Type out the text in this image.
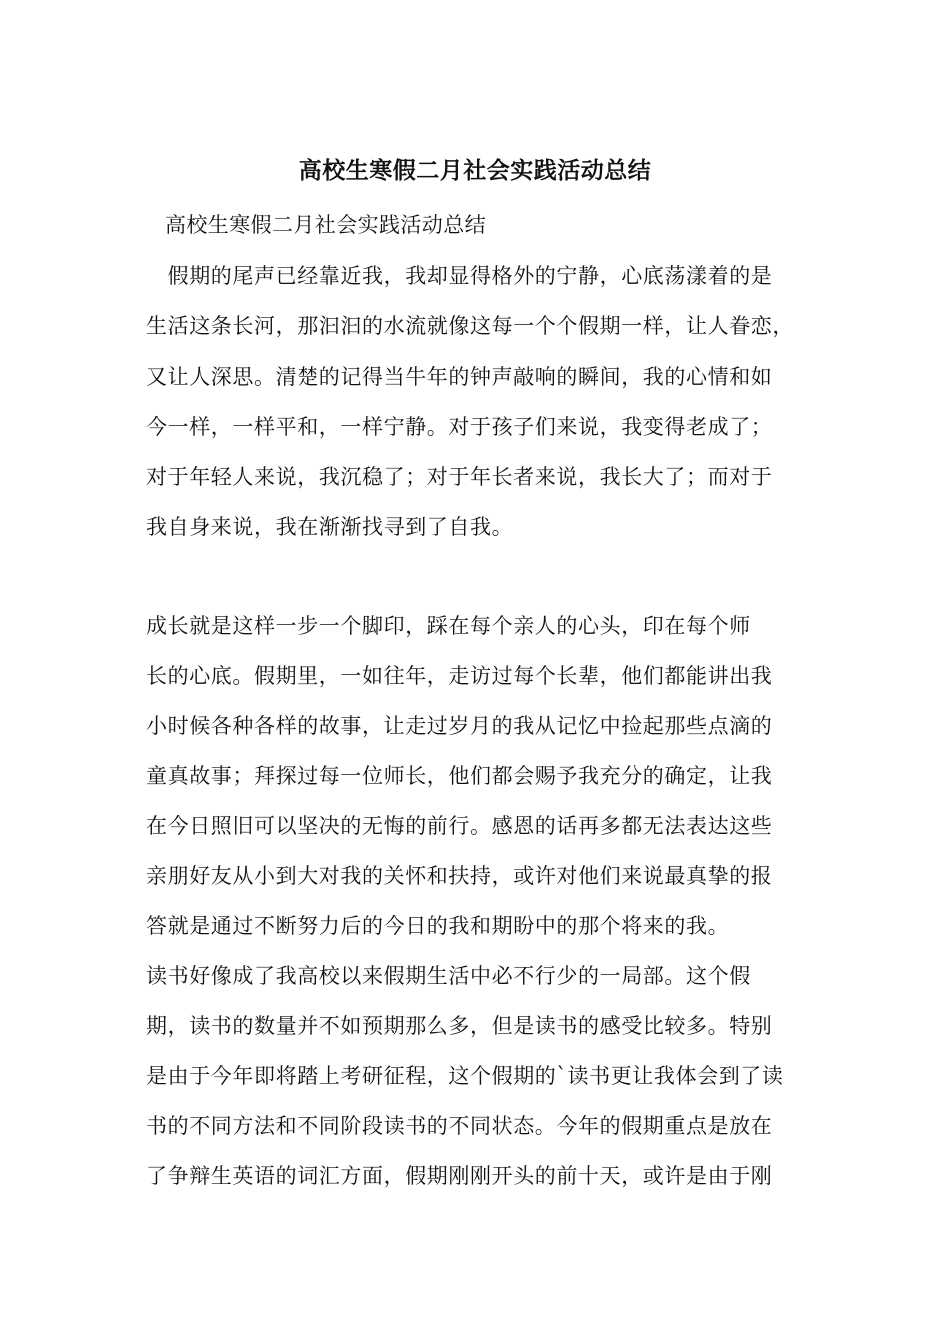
高校生寒假二月社会实践活动总结
高校生寒假二月社会实践活动总结
　假期的尾声已经靠近我，我却显得格外的宁静，心底荡漾着的是
生活这条长河，那汩汩的水流就像这每一个个假期一样，让人眷恋，
又让人深思。清楚的记得当牛年的钟声敲响的瞬间，我的心情和如
今一样，一样平和，一样宁静。对于孩子们来说，我变得老成了；
对于年轻人来说，我沉稳了；对于年长者来说，我长大了；而对于
我自身来说，我在渐渐找寻到了自我。
成长就是这样一步一个脚印，踩在每个亲人的心头，印在每个师
长的心底。假期里，一如往年，走访过每个长辈，他们都能讲出我
小时候各种各样的故事，让走过岁月的我从记忆中捡起那些点滴的
童真故事；拜探过每一位师长，他们都会赐予我充分的确定，让我
在今日照旧可以坚决的无悔的前行。感恩的话再多都无法表达这些
亲朋好友从小到大对我的关怀和扶持，或许对他们来说最真挚的报
答就是通过不断努力后的今日的我和期盼中的那个将来的我。
读书好像成了我高校以来假期生活中必不行少的一局部。这个假
期，读书的数量并不如预期那么多，但是读书的感受比较多。特别
是由于今年即将踏上考研征程，这个假期的`读书更让我体会到了读
书的不同方法和不同阶段读书的不同状态。今年的假期重点是放在
了争辩生英语的词汇方面，假期刚刚开头的前十天，或许是由于刚
